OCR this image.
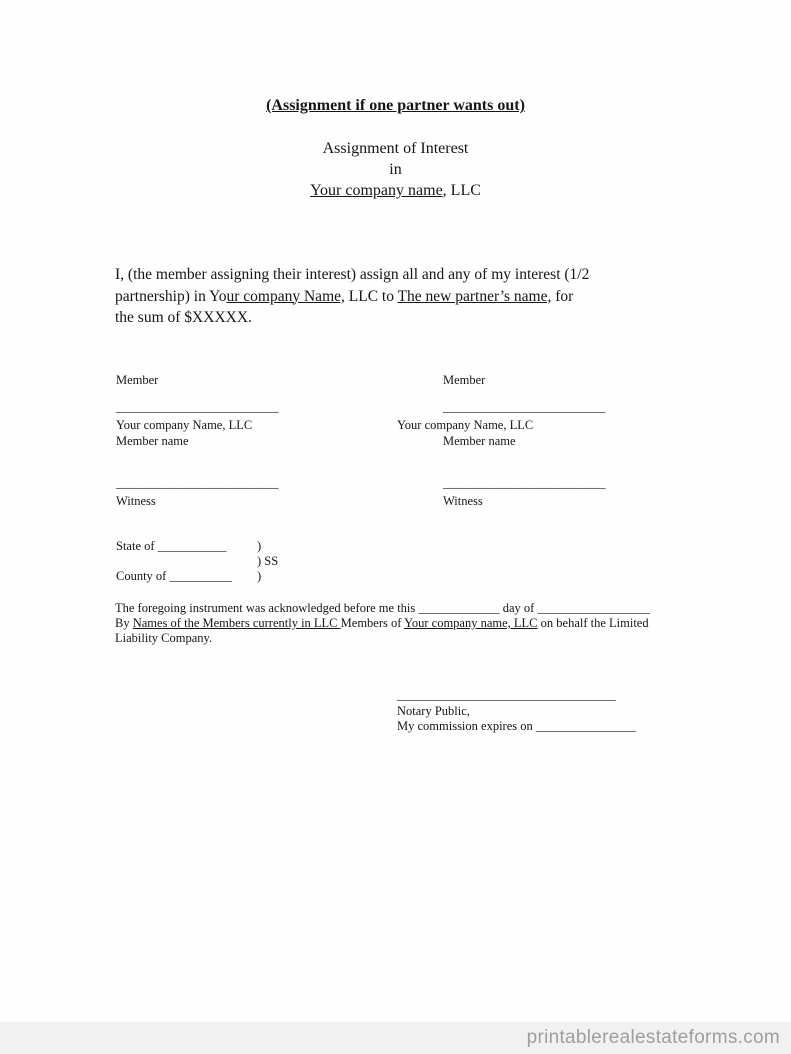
(Assignment if one partner wants out)
Assignment of Interest
in
Your company name, LLC
I, (the member assigning their interest) assign all and any of my interest (1/2
partnership) in Your company Name, LLC to The new partner’s name, for
the sum of $XXXXX.
Member	Member
__________________________	__________________________
Your company Name, LLC	Your company Name, LLC
Member name	Member name
__________________________	__________________________
Witness	Witness
State of ___________ )
) SS
County of __________ )
The foregoing instrument was acknowledged before me this _____________ day of __________________
By Names of the Members currently in LLC Members of Your company name, LLC on behalf the Limited
Liability Company.
___________________________________
Notary Public,
My commission expires on ________________
printablerealestateforms.com
